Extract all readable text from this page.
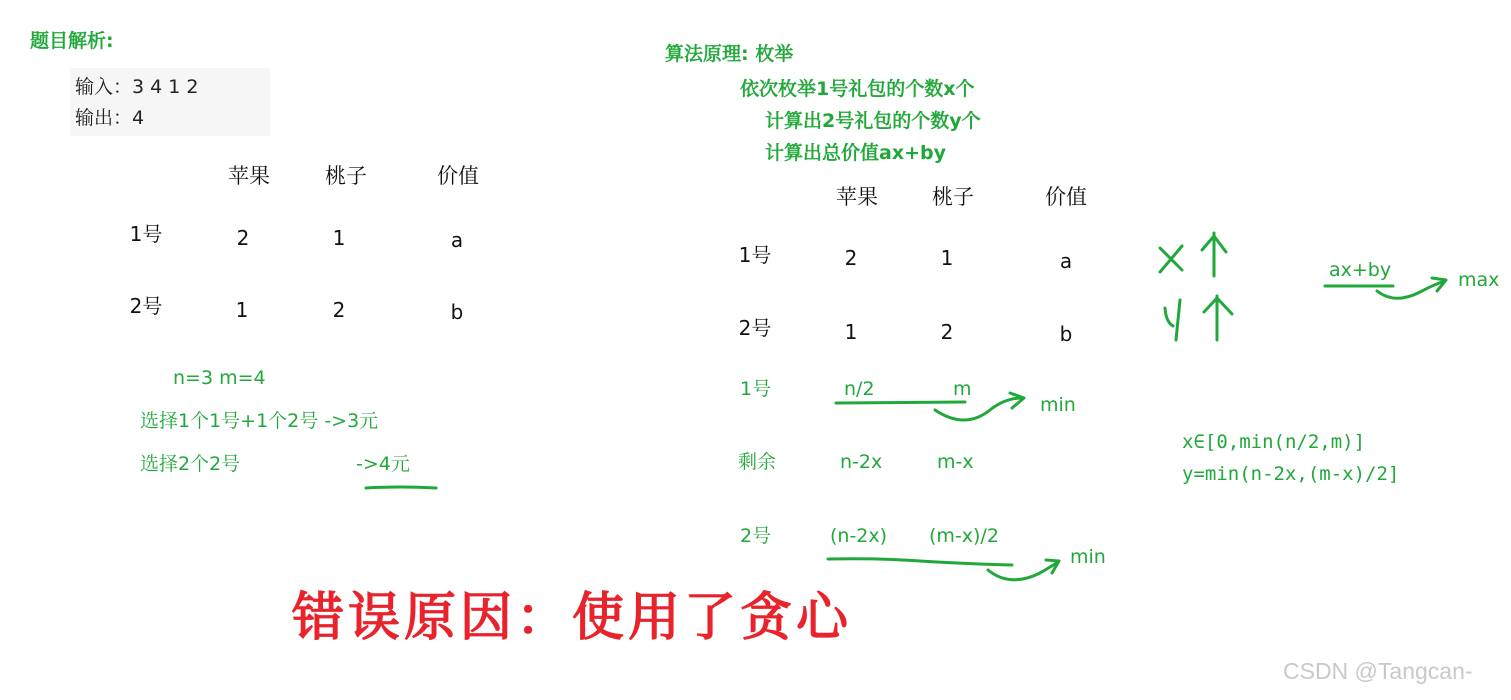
题目解析:
输入：3 4 1 2
输出：4
苹果	桃子	价值
1号	2	1	a
2号	1	2	b
n=3 m=4
选择1个1号+1个2号 ->3元
选择2个2号	->4元
算法原理: 枚举
依次枚举1号礼包的个数x个
计算出2号礼包的个数y个
计算出总价值ax+by
苹果	桃子	价值
1号	2	1	a
2号	1	2	b
1号	n/2	m
min
剩余	n-2x	m-x
2号	(n-2x) (m-x)/2
min
ax+by	max
x∈[0,min(n/2,m)]
y=min(n-2x,(m-x)/2]
错误原因：使用了贪心
CSDN @Tangcan-
